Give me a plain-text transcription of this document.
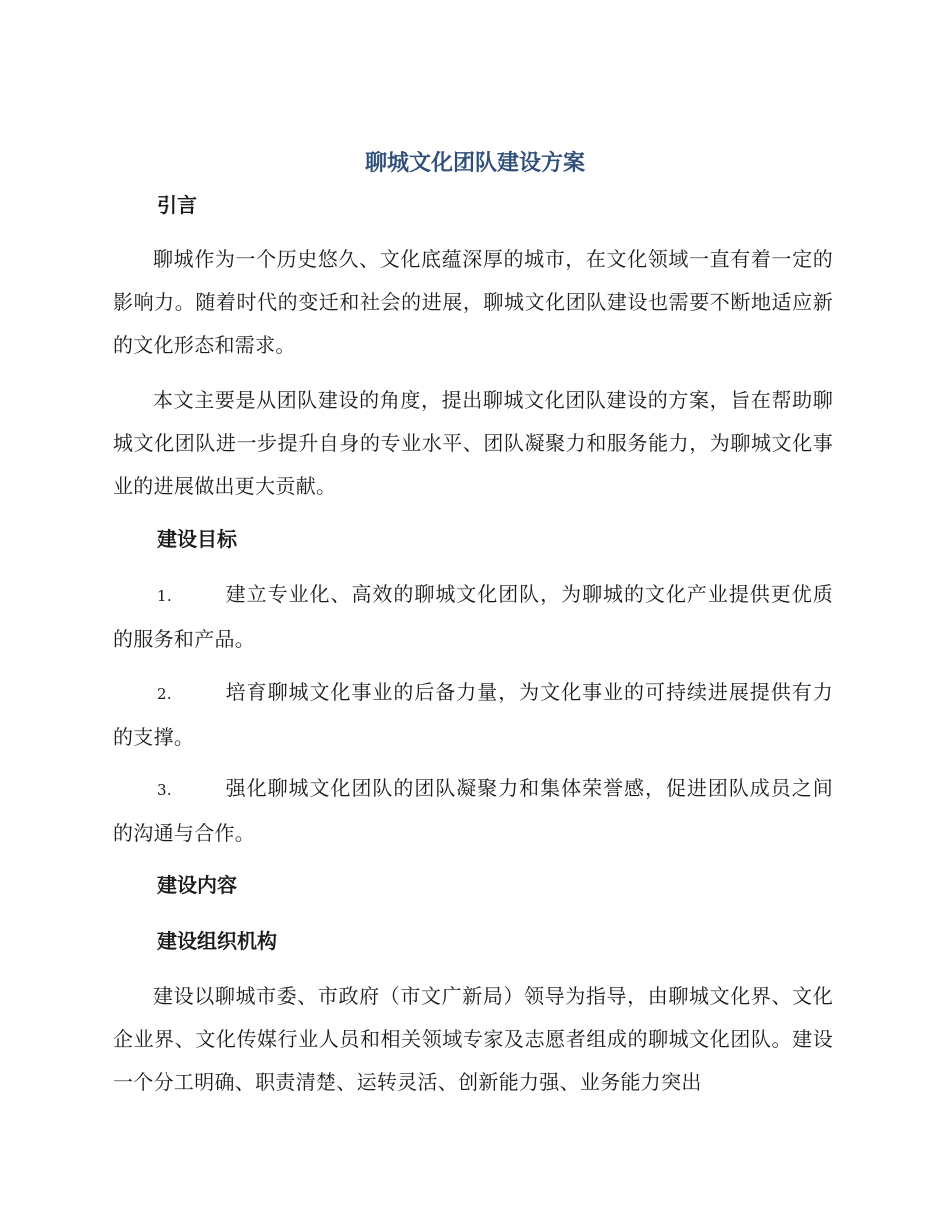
聊城文化团队建设方案
引言

聊城作为一个历史悠久、文化底蕴深厚的城市，在文化领域一直有着一定的影响力。随着时代的变迁和社会的进展，聊城文化团队建设也需要不断地适应新的文化形态和需求。

本文主要是从团队建设的角度，提出聊城文化团队建设的方案，旨在帮助聊城文化团队进一步提升自身的专业水平、团队凝聚力和服务能力，为聊城文化事业的进展做出更大贡献。

建设目标

1.	建立专业化、高效的聊城文化团队，为聊城的文化产业提供更优质的服务和产品。

2.	培育聊城文化事业的后备力量，为文化事业的可持续进展提供有力的支撑。

3.	强化聊城文化团队的团队凝聚力和集体荣誉感，促进团队成员之间的沟通与合作。

建设内容
建设组织机构

建设以聊城市委、市政府（市文广新局）领导为指导，由聊城文化界、文化企业界、文化传媒行业人员和相关领域专家及志愿者组成的聊城文化团队。建设一个分工明确、职责清楚、运转灵活、创新能力强、业务能力突出
